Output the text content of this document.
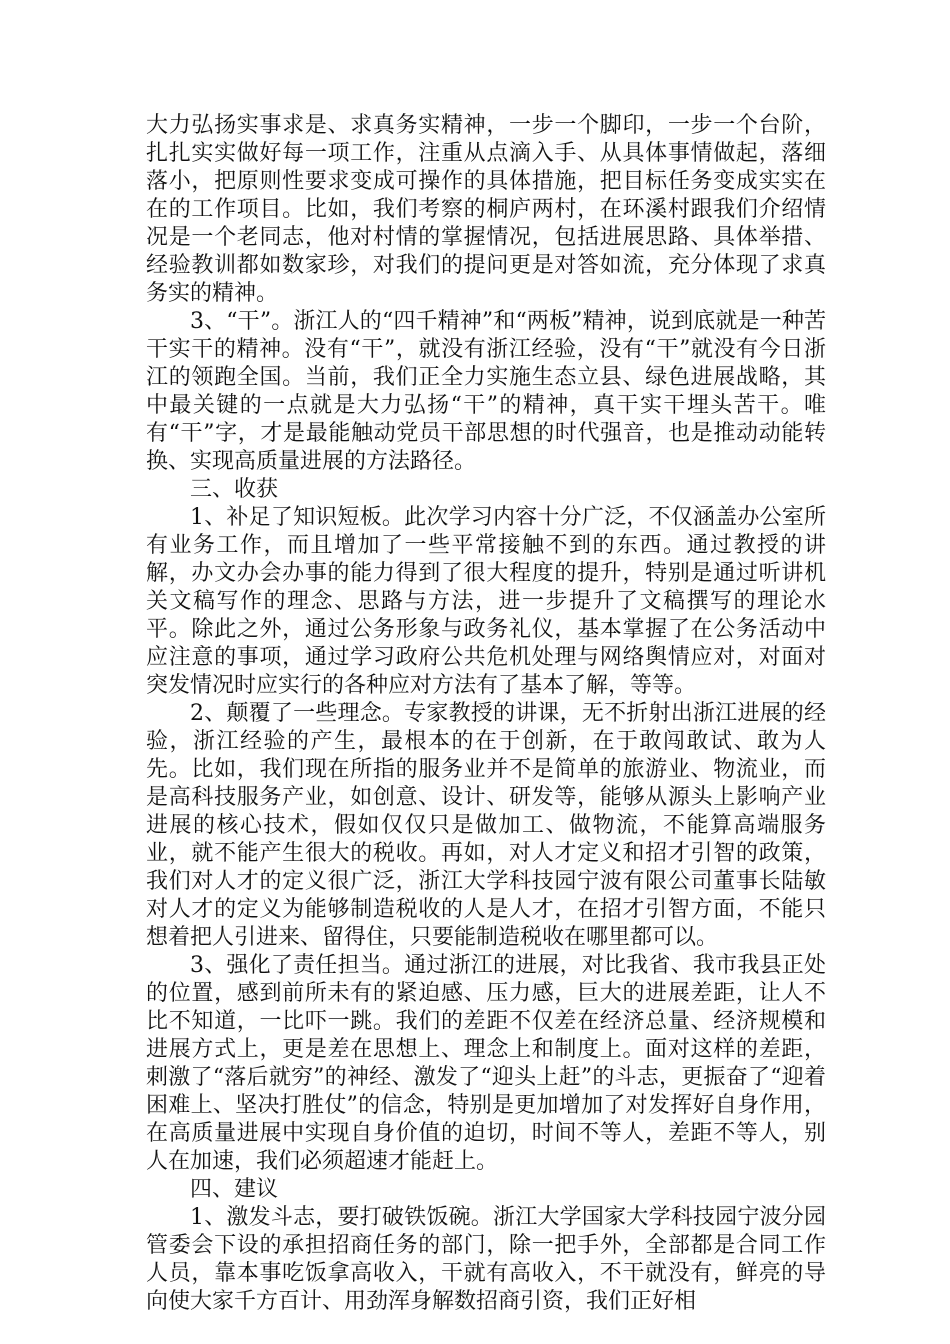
大力弘扬实事求是、求真务实精神，一步一个脚印，一步一个台阶，扎扎实实做好每一项工作，注重从点滴入手、从具体事情做起，落细落小，把原则性要求变成可操作的具体措施，把目标任务变成实实在在的工作项目。比如，我们考察的桐庐两村，在环溪村跟我们介绍情况是一个老同志，他对村情的掌握情况，包括进展思路、具体举措、经验教训都如数家珍，对我们的提问更是对答如流，充分体现了求真务实的精神。

3、“干”。浙江人的“四千精神”和“两板”精神，说到底就是一种苦干实干的精神。没有“干”，就没有浙江经验，没有“干”就没有今日浙江的领跑全国。当前，我们正全力实施生态立县、绿色进展战略，其中最关键的一点就是大力弘扬“干”的精神，真干实干埋头苦干。唯有“干”字，才是最能触动党员干部思想的时代强音，也是推动动能转换、实现高质量进展的方法路径。

三、收获

1、补足了知识短板。此次学习内容十分广泛，不仅涵盖办公室所有业务工作，而且增加了一些平常接触不到的东西。通过教授的讲解，办文办会办事的能力得到了很大程度的提升，特别是通过听讲机关文稿写作的理念、思路与方法，进一步提升了文稿撰写的理论水平。除此之外，通过公务形象与政务礼仪，基本掌握了在公务活动中应注意的事项，通过学习政府公共危机处理与网络舆情应对，对面对突发情况时应实行的各种应对方法有了基本了解，等等。

2、颠覆了一些理念。专家教授的讲课，无不折射出浙江进展的经验，浙江经验的产生，最根本的在于创新，在于敢闯敢试、敢为人先。比如，我们现在所指的服务业并不是简单的旅游业、物流业，而是高科技服务产业，如创意、设计、研发等，能够从源头上影响产业进展的核心技术，假如仅仅只是做加工、做物流，不能算高端服务业，就不能产生很大的税收。再如，对人才定义和招才引智的政策，我们对人才的定义很广泛，浙江大学科技园宁波有限公司董事长陆敏对人才的定义为能够制造税收的人是人才，在招才引智方面，不能只想着把人引进来、留得住，只要能制造税收在哪里都可以。

3、强化了责任担当。通过浙江的进展，对比我省、我市我县正处的位置，感到前所未有的紧迫感、压力感，巨大的进展差距，让人不比不知道，一比吓一跳。我们的差距不仅差在经济总量、经济规模和进展方式上，更是差在思想上、理念上和制度上。面对这样的差距，刺激了“落后就穷”的神经、激发了“迎头上赶”的斗志，更振奋了“迎着困难上、坚决打胜仗”的信念，特别是更加增加了对发挥好自身作用，在高质量进展中实现自身价值的迫切，时间不等人，差距不等人，别人在加速，我们必须超速才能赶上。

四、建议

1、激发斗志，要打破铁饭碗。浙江大学国家大学科技园宁波分园管委会下设的承担招商任务的部门，除一把手外，全部都是合同工作人员，靠本事吃饭拿高收入，干就有高收入，不干就没有，鲜亮的导向使大家千方百计、用劲浑身解数招商引资，我们正好相
